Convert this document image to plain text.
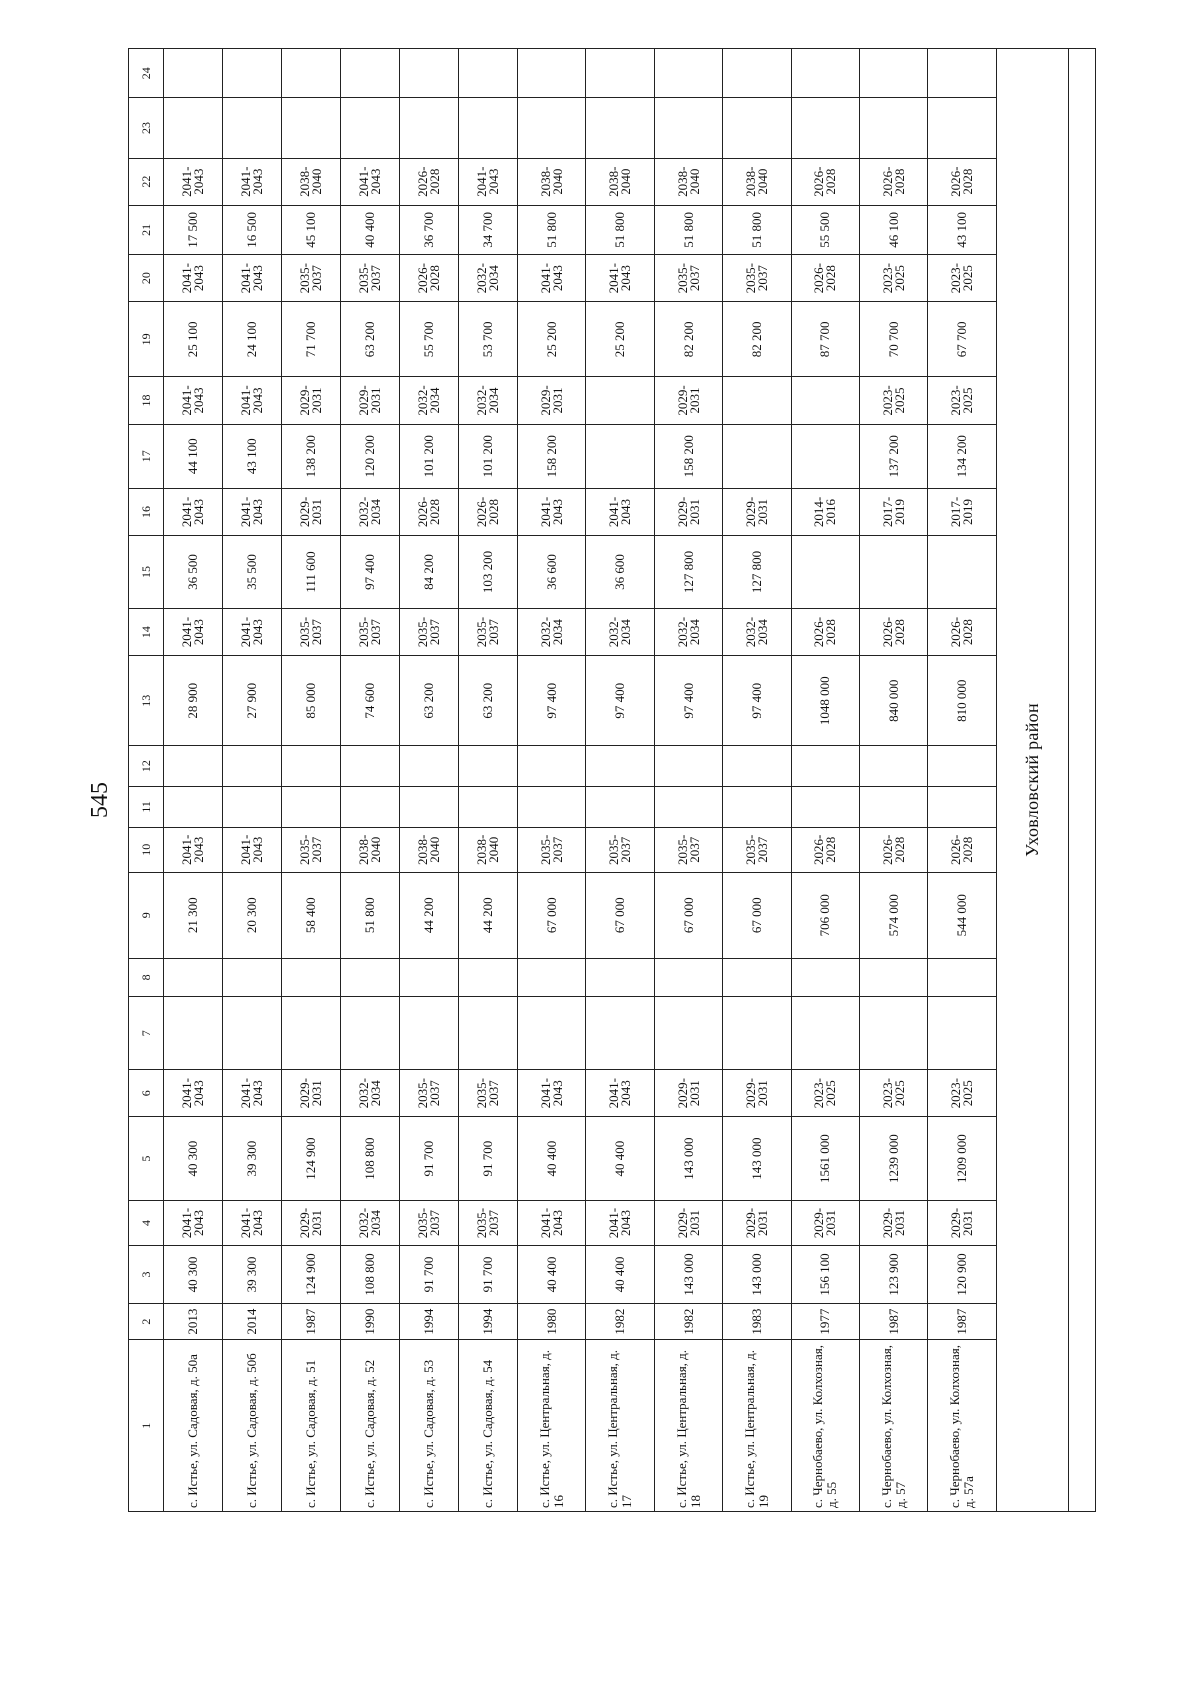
545
1	2	3	4	5	6	7	8	9	10	11	12	13	14	15	16	17	18	19	20	21	22	23	24
с. Истье, ул. Садовая, д. 50а	2013	40 300	2041-2043	40 300	2041-2043			21 300	2041-2043			28 900	2041-2043	36 500	2041-2043	44 100	2041-2043	25 100	2041-2043	17 500	2041-2043		
с. Истье, ул. Садовая, д. 50б	2014	39 300	2041-2043	39 300	2041-2043			20 300	2041-2043			27 900	2041-2043	35 500	2041-2043	43 100	2041-2043	24 100	2041-2043	16 500	2041-2043		
с. Истье, ул. Садовая, д. 51	1987	124 900	2029-2031	124 900	2029-2031			58 400	2035-2037			85 000	2035-2037	111 600	2029-2031	138 200	2029-2031	71 700	2035-2037	45 100	2038-2040		
с. Истье, ул. Садовая, д. 52	1990	108 800	2032-2034	108 800	2032-2034			51 800	2038-2040			74 600	2035-2037	97 400	2032-2034	120 200	2029-2031	63 200	2035-2037	40 400	2041-2043		
с. Истье, ул. Садовая, д. 53	1994	91 700	2035-2037	91 700	2035-2037			44 200	2038-2040			63 200	2035-2037	84 200	2026-2028	101 200	2032-2034	55 700	2026-2028	36 700	2026-2028		
с. Истье, ул. Садовая, д. 54	1994	91 700	2035-2037	91 700	2035-2037			44 200	2038-2040			63 200	2035-2037	103 200	2026-2028	101 200	2032-2034	53 700	2032-2034	34 700	2041-2043		
с. Истье, ул. Центральная, д. 16	1980	40 400	2041-2043	40 400	2041-2043			67 000	2035-2037			97 400	2032-2034	36 600	2041-2043	158 200	2029-2031	25 200	2041-2043	51 800	2038-2040		
с. Истье, ул. Центральная, д. 17	1982	40 400	2041-2043	40 400	2041-2043			67 000	2035-2037			97 400	2032-2034	36 600	2041-2043			25 200	2041-2043	51 800	2038-2040		
с. Истье, ул. Центральная, д. 18	1982	143 000	2029-2031	143 000	2029-2031			67 000	2035-2037			97 400	2032-2034	127 800	2029-2031	158 200	2029-2031	82 200	2035-2037	51 800	2038-2040		
с. Истье, ул. Центральная, д. 19	1983	143 000	2029-2031	143 000	2029-2031			67 000	2035-2037			97 400	2032-2034	127 800	2029-2031			82 200	2035-2037	51 800	2038-2040		
с. Чернобаево, ул. Колхозная, д. 55	1977	156 100	2029-2031	1561 000	2023-2025			706 000	2026-2028			1048 000	2026-2028		2014-2016			87 700	2026-2028	55 500	2026-2028		
с. Чернобаево, ул. Колхозная, д. 57	1987	123 900	2029-2031	1239 000	2023-2025			574 000	2026-2028			840 000	2026-2028		2017-2019	137 200	2023-2025	70 700	2023-2025	46 100	2026-2028		
с. Чернобаево, ул. Колхозная, д. 57а	1987	120 900	2029-2031	1209 000	2023-2025			544 000	2026-2028			810 000	2026-2028		2017-2019	134 200	2023-2025	67 700	2023-2025	43 100	2026-2028		
Уховловский район																							
